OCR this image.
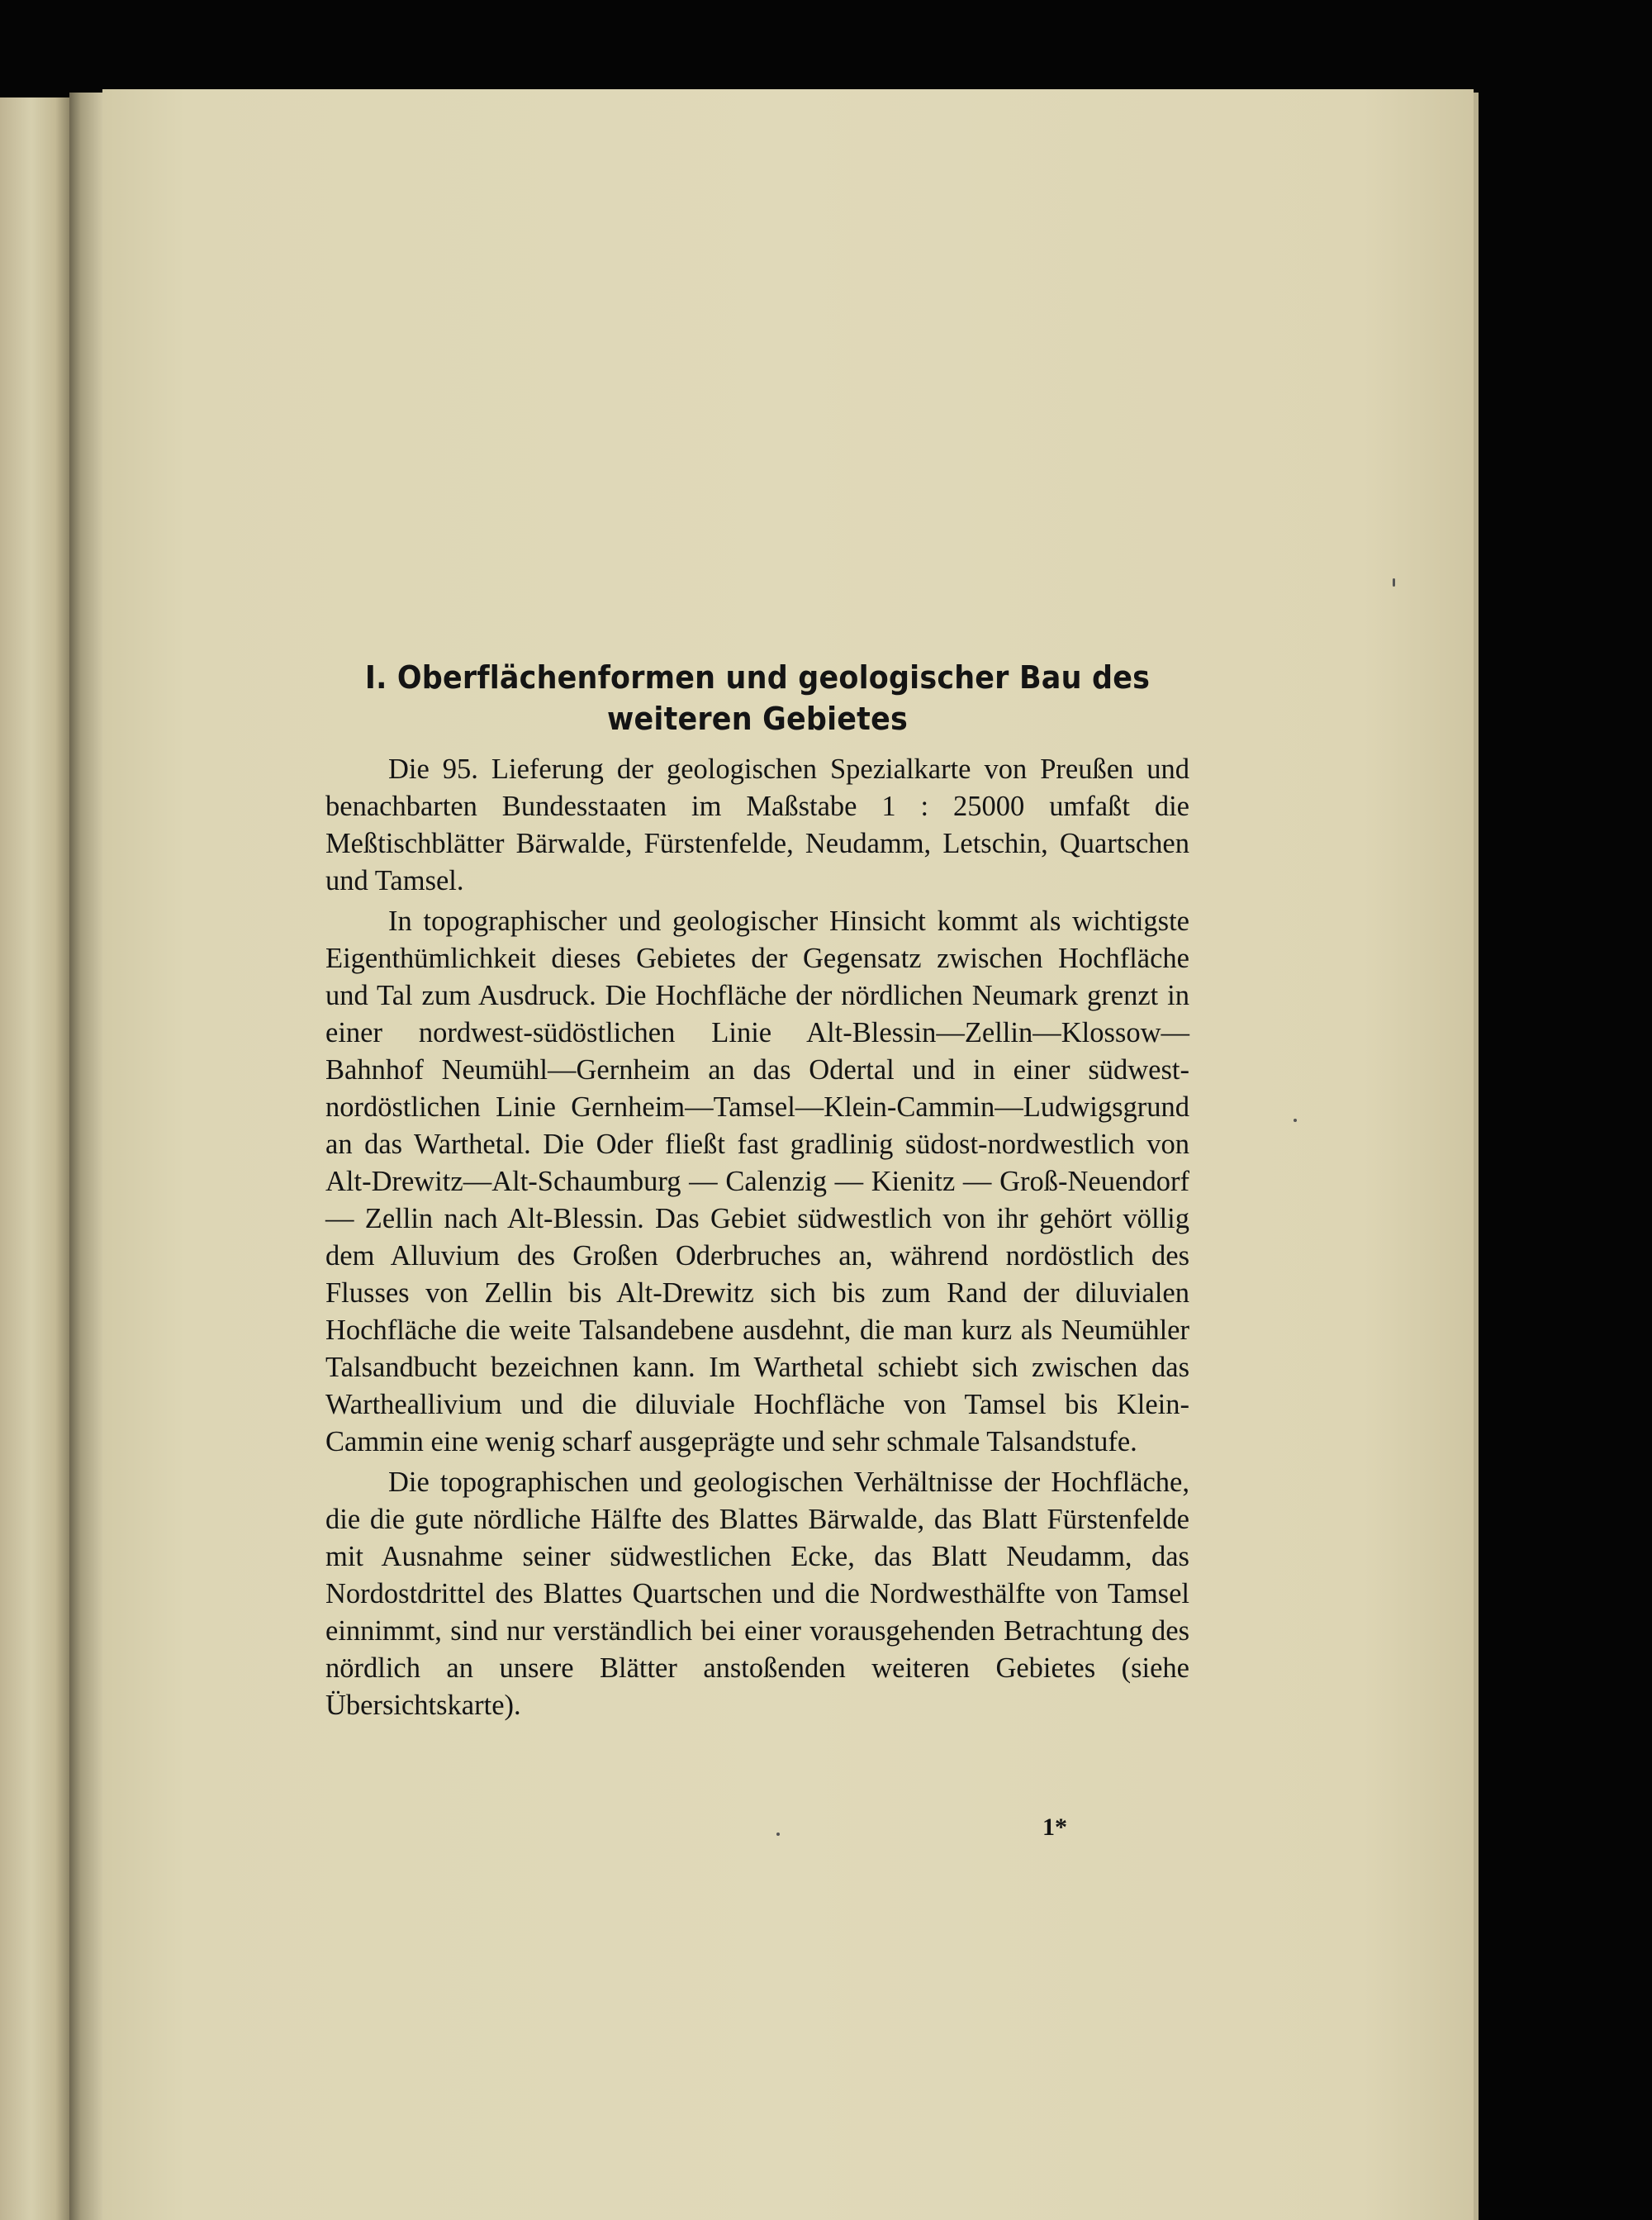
I. Oberflächenformen und geologischer Bau des weiteren Gebietes

Die 95. Lieferung der geologischen Spezialkarte von Preußen und benachbarten Bundesstaaten im Maßstabe 1 : 25000 umfaßt die Meßtischblätter Bärwalde, Fürstenfelde, Neudamm, Letschin, Quartschen und Tamsel.

In topographischer und geologischer Hinsicht kommt als wichtigste Eigenthümlichkeit dieses Gebietes der Gegensatz zwischen Hochfläche und Tal zum Ausdruck. Die Hochfläche der nördlichen Neumark grenzt in einer nordwest-südöstlichen Linie Alt-Blessin—Zellin—Klossow—Bahnhof Neumühl—Gernheim an das Odertal und in einer südwest-nordöstlichen Linie Gernheim—Tamsel—Klein-Cammin—Ludwigsgrund an das Warthetal. Die Oder fließt fast gradlinig südost-nordwestlich von Alt-Drewitz—Alt-Schaumburg — Calenzig — Kienitz — Groß-Neuendorf — Zellin nach Alt-Blessin. Das Gebiet südwestlich von ihr gehört völlig dem Alluvium des Großen Oderbruches an, während nordöstlich des Flusses von Zellin bis Alt-Drewitz sich bis zum Rand der diluvialen Hochfläche die weite Talsandebene ausdehnt, die man kurz als Neumühler Talsandbucht bezeichnen kann. Im Warthetal schiebt sich zwischen das Wartheallivium und die diluviale Hochfläche von Tamsel bis Klein-Cammin eine wenig scharf ausgeprägte und sehr schmale Talsandstufe.

Die topographischen und geologischen Verhältnisse der Hochfläche, die die gute nördliche Hälfte des Blattes Bärwalde, das Blatt Fürstenfelde mit Ausnahme seiner südwestlichen Ecke, das Blatt Neudamm, das Nordostdrittel des Blattes Quartschen und die Nordwesthälfte von Tamsel einnimmt, sind nur verständlich bei einer vorausgehenden Betrachtung des nördlich an unsere Blätter anstoßenden weiteren Gebietes (siehe Übersichtskarte).

1*
